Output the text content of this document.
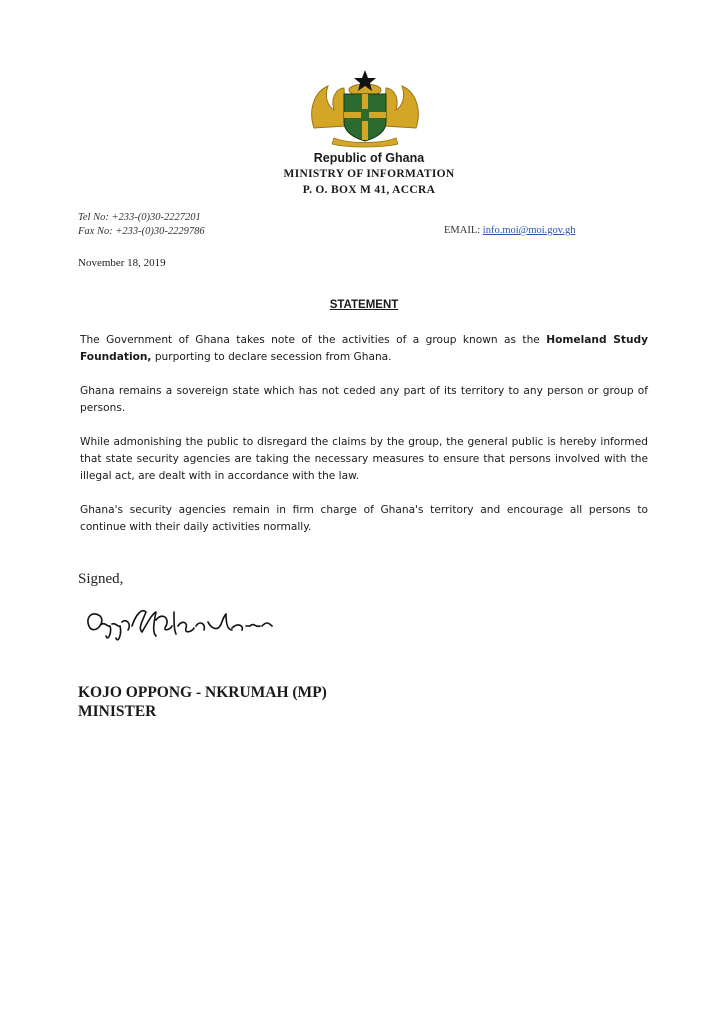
Republic of Ghana
MINISTRY OF INFORMATION
P. O. BOX M 41, ACCRA
Tel No: +233-(0)30-2227201
Fax No: +233-(0)30-2229786	EMAIL: info.moi@moi.gov.gh
November 18, 2019
STATEMENT
The Government of Ghana takes note of the activities of a group known as the Homeland Study Foundation, purporting to declare secession from Ghana.
Ghana remains a sovereign state which has not ceded any part of its territory to any person or group of persons.
While admonishing the public to disregard the claims by the group, the general public is hereby informed that state security agencies are taking the necessary measures to ensure that persons involved with the illegal act, are dealt with in accordance with the law.
Ghana's security agencies remain in firm charge of Ghana's territory and encourage all persons to continue with their daily activities normally.
Signed,
KOJO OPPONG - NKRUMAH (MP)
MINISTER
